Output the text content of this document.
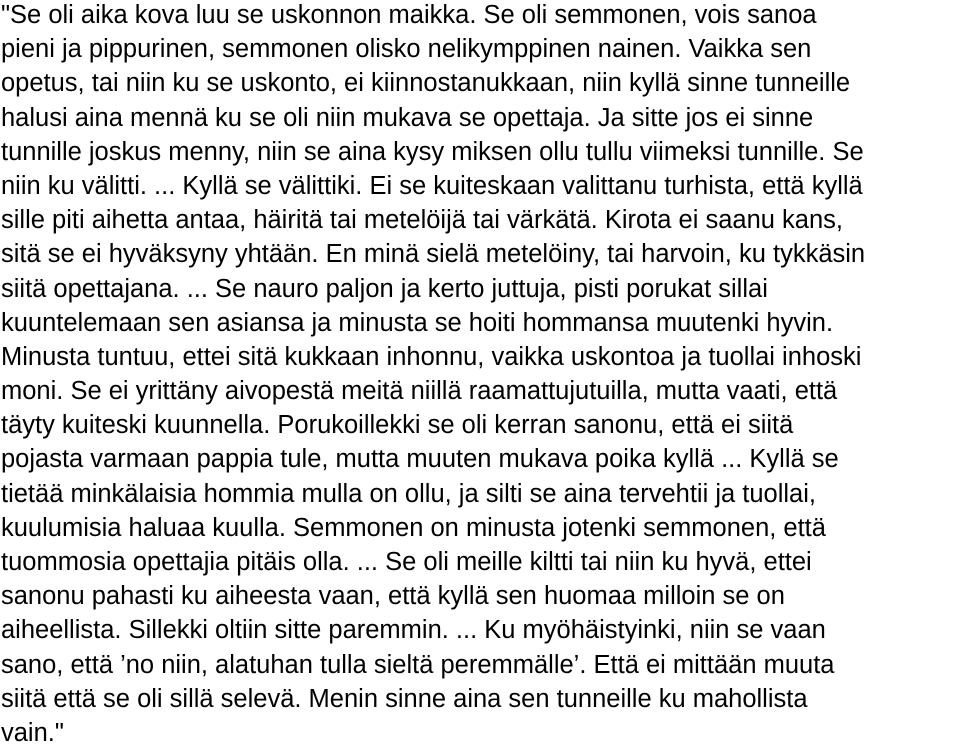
"Se oli aika kova luu se uskonnon maikka. Se oli semmonen, vois sanoa
pieni ja pippurinen, semmonen olisko nelikymppinen nainen. Vaikka sen
opetus, tai niin ku se uskonto, ei kiinnostanukkaan, niin kyllä sinne tunneille
halusi aina mennä ku se oli niin mukava se opettaja. Ja sitte jos ei sinne
tunnille joskus menny, niin se aina kysy miksen ollu tullu viimeksi tunnille. Se
niin ku välitti. ... Kyllä se välittiki. Ei se kuiteskaan valittanu turhista, että kyllä
sille piti aihetta antaa, häiritä tai metelöijä tai värkätä. Kirota ei saanu kans,
sitä se ei hyväksyny yhtään. En minä sielä metelöiny, tai harvoin, ku tykkäsin
siitä opettajana. ... Se nauro paljon ja kerto juttuja, pisti porukat sillai
kuuntelemaan sen asiansa ja minusta se hoiti hommansa muutenki hyvin.
Minusta tuntuu, ettei sitä kukkaan inhonnu, vaikka uskontoa ja tuollai inhoski
moni. Se ei yrittäny aivopestä meitä niillä raamattujutuilla, mutta vaati, että
täyty kuiteski kuunnella. Porukoillekki se oli kerran sanonu, että ei siitä
pojasta varmaan pappia tule, mutta muuten mukava poika kyllä ... Kyllä se
tietää minkälaisia hommia mulla on ollu, ja silti se aina tervehtii ja tuollai,
kuulumisia haluaa kuulla. Semmonen on minusta jotenki semmonen, että
tuommosia opettajia pitäis olla. ... Se oli meille kiltti tai niin ku hyvä, ettei
sanonu pahasti ku aiheesta vaan, että kyllä sen huomaa milloin se on
aiheellista. Sillekki oltiin sitte paremmin. ... Ku myöhäistyinki, niin se vaan
sano, että ’no niin, alatuhan tulla sieltä peremmälle’. Että ei mittään muuta
siitä että se oli sillä selevä. Menin sinne aina sen tunneille ku mahollista
vain."
